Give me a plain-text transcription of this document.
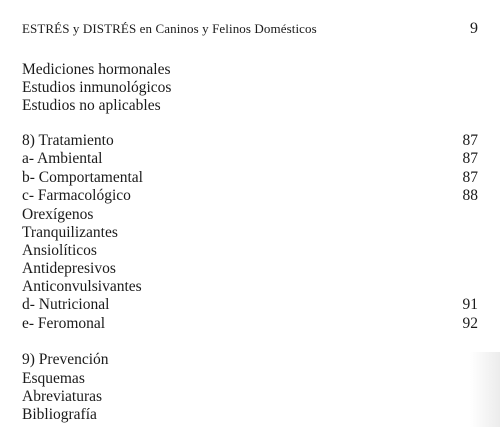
ESTRÉS y DISTRÉS en Caninos y Felinos Domésticos	9
Mediciones hormonales
Estudios inmunológicos
Estudios no aplicables
8) Tratamiento	87
a- Ambiental	87
b- Comportamental	87
c- Farmacológico	88
Orexígenos
Tranquilizantes
Ansiolíticos
Antidepresivos
Anticonvulsivantes
d- Nutricional	91
e- Feromonal	92
9) Prevención
Esquemas
Abreviaturas
Bibliografía
